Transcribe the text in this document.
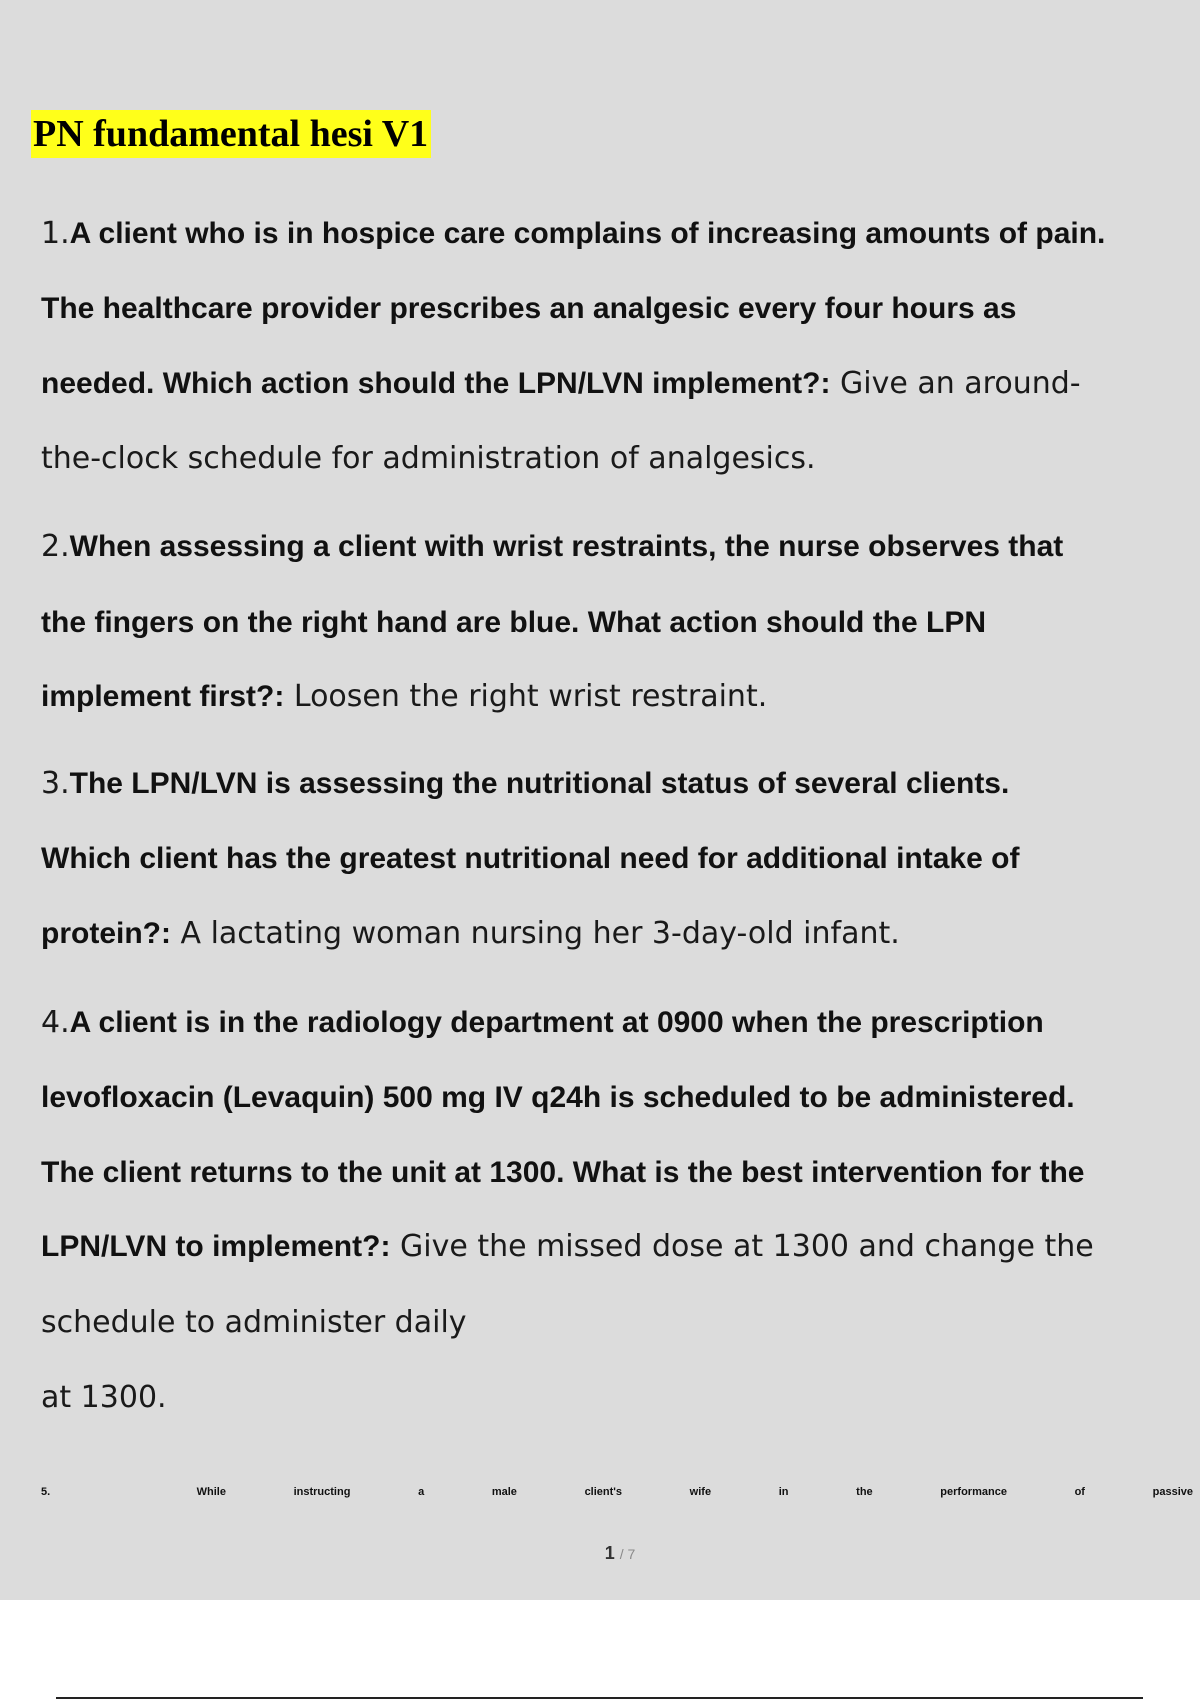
PN fundamental hesi V1
1.A client who is in hospice care complains of increasing amounts of pain.
The healthcare provider prescribes an analgesic every four hours as
needed. Which action should the LPN/LVN implement?: Give an around-
the-clock schedule for administration of analgesics.
2.When assessing a client with wrist restraints, the nurse observes that
the fingers on the right hand are blue. What action should the LPN
implement first?: Loosen the right wrist restraint.
3.The LPN/LVN is assessing the nutritional status of several clients.
Which client has the greatest nutritional need for additional intake of
protein?: A lactating woman nursing her 3-day-old infant.
4.A client is in the radiology department at 0900 when the prescription
levofloxacin (Levaquin) 500 mg IV q24h is scheduled to be administered.
The client returns to the unit at 1300. What is the best intervention for the
LPN/LVN to implement?: Give the missed dose at 1300 and change the
schedule to administer daily
at 1300.
5.	While instructing a male client's wife in the performance of passive
1 / 7
